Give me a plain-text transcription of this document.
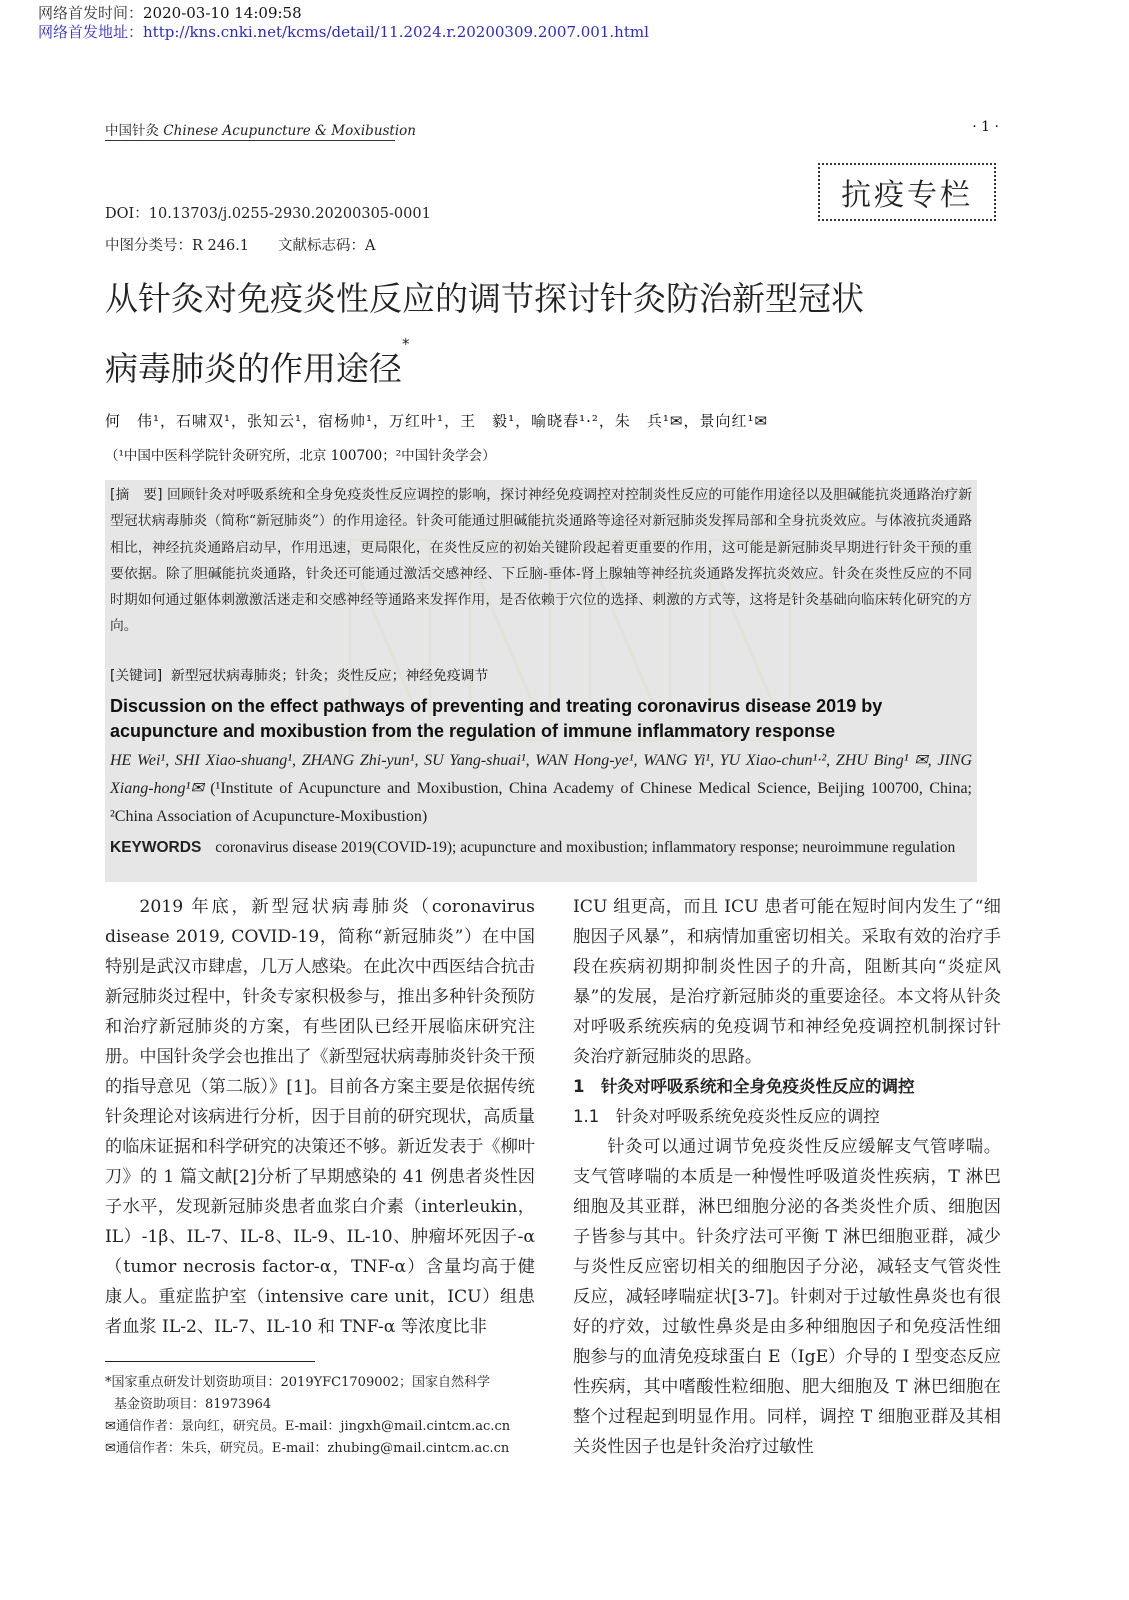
网络首发时间：2020-03-10 14:09:58
网络首发地址：http://kns.cnki.net/kcms/detail/11.2024.r.20200309.2007.001.html
中国针灸 Chinese Acupuncture & Moxibustion	· 1 ·
抗疫专栏
DOI：10.13703/j.0255-2930.20200305-0001
中图分类号：R 246.1　　文献标志码：A
从针灸对免疫炎性反应的调节探讨针灸防治新型冠状
病毒肺炎的作用途径*
何　伟¹，石啸双¹，张知云¹，宿杨帅¹，万红叶¹，王　毅¹，喻晓春¹·²，朱　兵¹✉，景向红¹✉
（¹中国中医科学院针灸研究所，北京 100700；²中国针灸学会）
[摘　要] 回顾针灸对呼吸系统和全身免疫炎性反应调控的影响，探讨神经免疫调控对控制炎性反应的可能作用途径以及胆碱能抗炎通路治疗新型冠状病毒肺炎（简称“新冠肺炎”）的作用途径。针灸可能通过胆碱能抗炎通路等途径对新冠肺炎发挥局部和全身抗炎效应。与体液抗炎通路相比，神经抗炎通路启动早，作用迅速，更局限化，在炎性反应的初始关键阶段起着更重要的作用，这可能是新冠肺炎早期进行针灸干预的重要依据。除了胆碱能抗炎通路，针灸还可能通过激活交感神经、下丘脑-垂体-肾上腺轴等神经抗炎通路发挥抗炎效应。针灸在炎性反应的不同时期如何通过躯体刺激激活迷走和交感神经等通路来发挥作用，是否依赖于穴位的选择、刺激的方式等，这将是针灸基础向临床转化研究的方向。
[关键词] 新型冠状病毒肺炎；针灸；炎性反应；神经免疫调节
Discussion on the effect pathways of preventing and treating coronavirus disease 2019 by acupuncture and moxibustion from the regulation of immune inflammatory response
HE Wei¹, SHI Xiao-shuang¹, ZHANG Zhi-yun¹, SU Yang-shuai¹, WAN Hong-ye¹, WANG Yi¹, YU Xiao-chun¹·², ZHU Bing¹ ✉, JING Xiang-hong¹✉ (¹Institute of Acupuncture and Moxibustion, China Academy of Chinese Medical Science, Beijing 100700, China; ²China Association of Acupuncture-Moxibustion)
KEYWORDS coronavirus disease 2019(COVID-19); acupuncture and moxibustion; inflammatory response; neuroimmune regulation

2019 年底，新型冠状病毒肺炎（coronavirus disease 2019, COVID-19，简称“新冠肺炎”）在中国特别是武汉市肆虐，几万人感染。在此次中西医结合抗击新冠肺炎过程中，针灸专家积极参与，推出多种针灸预防和治疗新冠肺炎的方案，有些团队已经开展临床研究注册。中国针灸学会也推出了《新型冠状病毒肺炎针灸干预的指导意见（第二版）》[1]。目前各方案主要是依据传统针灸理论对该病进行分析，因于目前的研究现状，高质量的临床证据和科学研究的决策还不够。新近发表于《柳叶刀》的 1 篇文献[2]分析了早期感染的 41 例患者炎性因子水平，发现新冠肺炎患者血浆白介素（interleukin，IL）-1β、IL-7、IL-8、IL-9、IL-10、肿瘤坏死因子-α（tumor necrosis factor-α，TNF-α）含量均高于健康人。重症监护室（intensive care unit，ICU）组患者血浆 IL-2、IL-7、IL-10 和 TNF-α 等浓度比非

*国家重点研发计划资助项目：2019YFC1709002；国家自然科学

基金资助项目：81973964

✉通信作者：景向红，研究员。E-mail：jingxh@mail.cintcm.ac.cn

✉通信作者：朱兵，研究员。E-mail：zhubing@mail.cintcm.ac.cn

ICU 组更高，而且 ICU 患者可能在短时间内发生了“细胞因子风暴”，和病情加重密切相关。采取有效的治疗手段在疾病初期抑制炎性因子的升高，阻断其向“炎症风暴”的发展，是治疗新冠肺炎的重要途径。本文将从针灸对呼吸系统疾病的免疫调节和神经免疫调控机制探讨针灸治疗新冠肺炎的思路。

1　针灸对呼吸系统和全身免疫炎性反应的调控

1.1　针灸对呼吸系统免疫炎性反应的调控

针灸可以通过调节免疫炎性反应缓解支气管哮喘。支气管哮喘的本质是一种慢性呼吸道炎性疾病，T 淋巴细胞及其亚群，淋巴细胞分泌的各类炎性介质、细胞因子皆参与其中。针灸疗法可平衡 T 淋巴细胞亚群，减少与炎性反应密切相关的细胞因子分泌，减轻支气管炎性反应，减轻哮喘症状[3-7]。针刺对于过敏性鼻炎也有很好的疗效，过敏性鼻炎是由多种细胞因子和免疫活性细胞参与的血清免疫球蛋白 E（IgE）介导的 Ⅰ 型变态反应性疾病，其中嗜酸性粒细胞、肥大细胞及 T 淋巴细胞在整个过程起到明显作用。同样，调控 T 细胞亚群及其相关炎性因子也是针灸治疗过敏性
